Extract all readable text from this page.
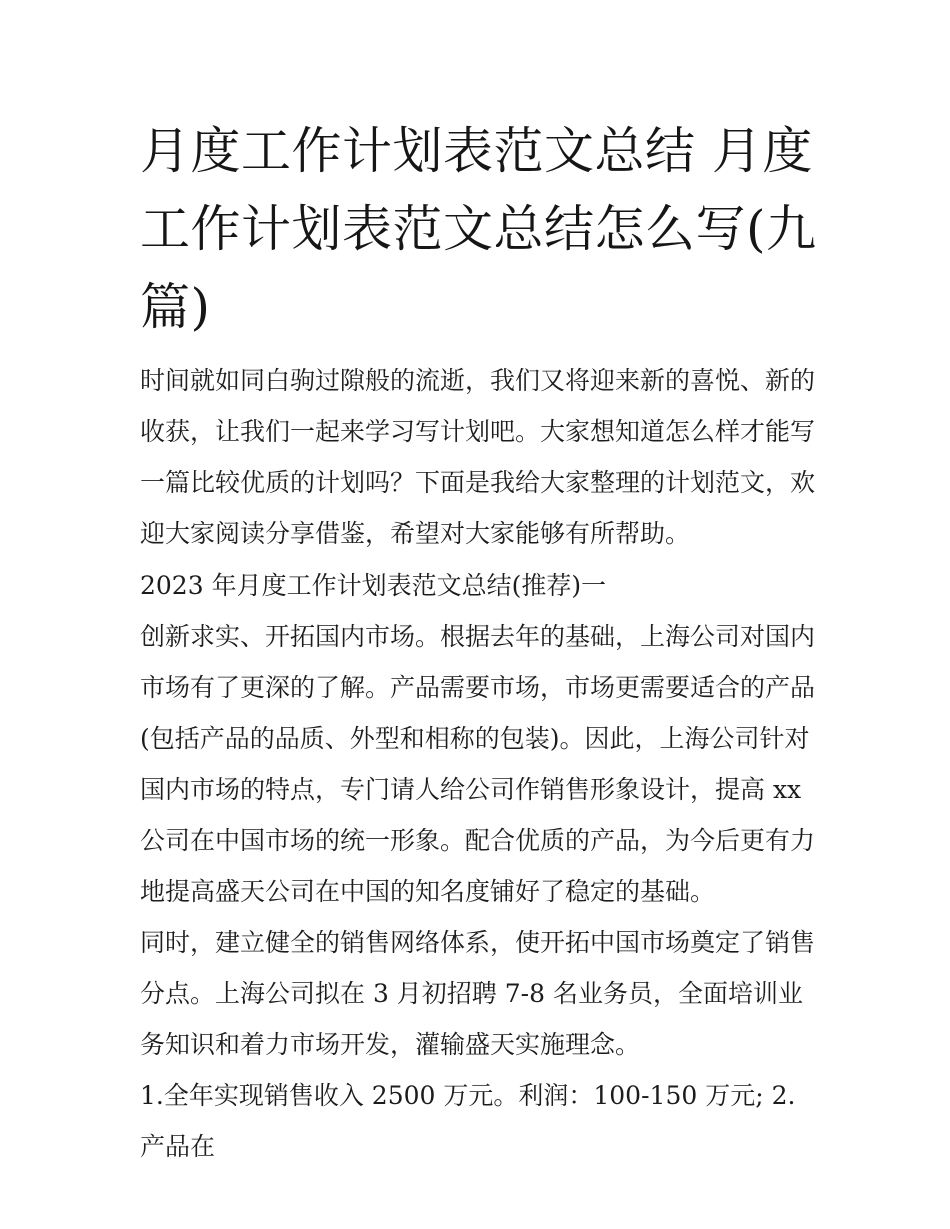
月度工作计划表范文总结 月度工作计划表范文总结怎么写(九篇)

时间就如同白驹过隙般的流逝，我们又将迎来新的喜悦、新的收获，让我们一起来学习写计划吧。大家想知道怎么样才能写一篇比较优质的计划吗？下面是我给大家整理的计划范文，欢迎大家阅读分享借鉴，希望对大家能够有所帮助。

2023 年月度工作计划表范文总结(推荐)一

创新求实、开拓国内市场。根据去年的基础，上海公司对国内市场有了更深的了解。产品需要市场，市场更需要适合的产品(包括产品的品质、外型和相称的包装)。因此，上海公司针对国内市场的特点，专门请人给公司作销售形象设计，提高 xx 公司在中国市场的统一形象。配合优质的产品，为今后更有力地提高盛天公司在中国的知名度铺好了稳定的基础。

同时，建立健全的销售网络体系，使开拓中国市场奠定了销售分点。上海公司拟在 3 月初招聘 7-8 名业务员，全面培训业务知识和着力市场开发，灌输盛天实施理念。

1.全年实现销售收入 2500 万元。利润：100-150 万元; 2.产品在
